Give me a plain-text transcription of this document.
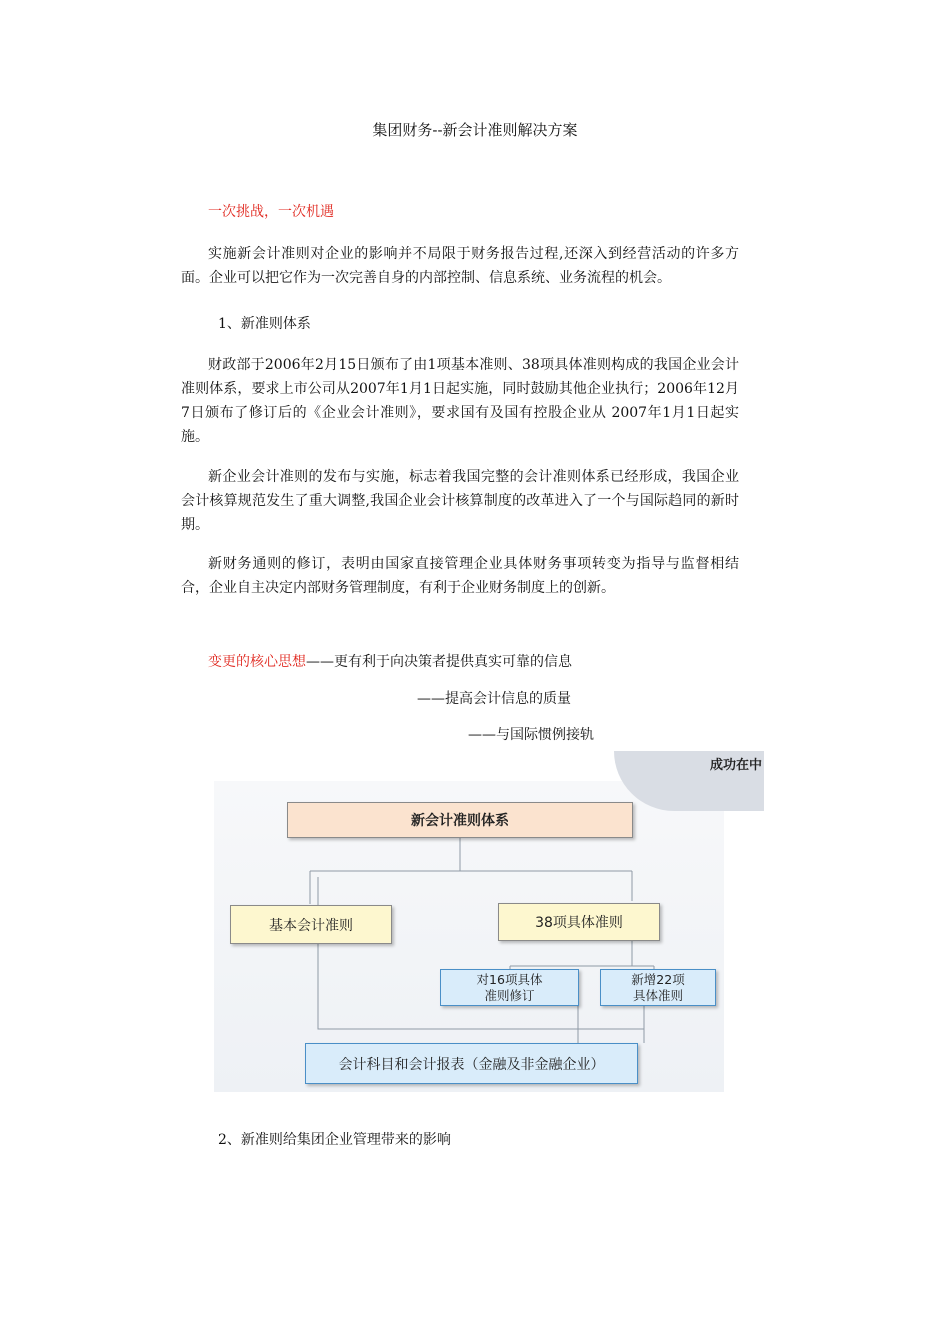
集团财务--新会计准则解决方案
一次挑战，一次机遇
实施新会计准则对企业的影响并不局限于财务报告过程,还深入到经营活动的许多方面。企业可以把它作为一次完善自身的内部控制、信息系统、业务流程的机会。
1、新准则体系
财政部于2006年2月15日颁布了由1项基本准则、38项具体准则构成的我国企业会计准则体系，要求上市公司从2007年1月1日起实施，同时鼓励其他企业执行；2006年12月7日颁布了修订后的《企业会计准则》，要求国有及国有控股企业从 2007年1月1日起实施。
新企业会计准则的发布与实施，标志着我国完整的会计准则体系已经形成，我国企业会计核算规范发生了重大调整,我国企业会计核算制度的改革进入了一个与国际趋同的新时期。
新财务通则的修订，表明由国家直接管理企业具体财务事项转变为指导与监督相结合，企业自主决定内部财务管理制度，有利于企业财务制度上的创新。
变更的核心思想——更有利于向决策者提供真实可靠的信息
——提高会计信息的质量
——与国际惯例接轨
成功在中
新会计准则体系
基本会计准则	38项具体准则
对16项具体
准则修订
新增22项
具体准则
会计科目和会计报表（金融及非金融企业）
2、新准则给集团企业管理带来的影响
